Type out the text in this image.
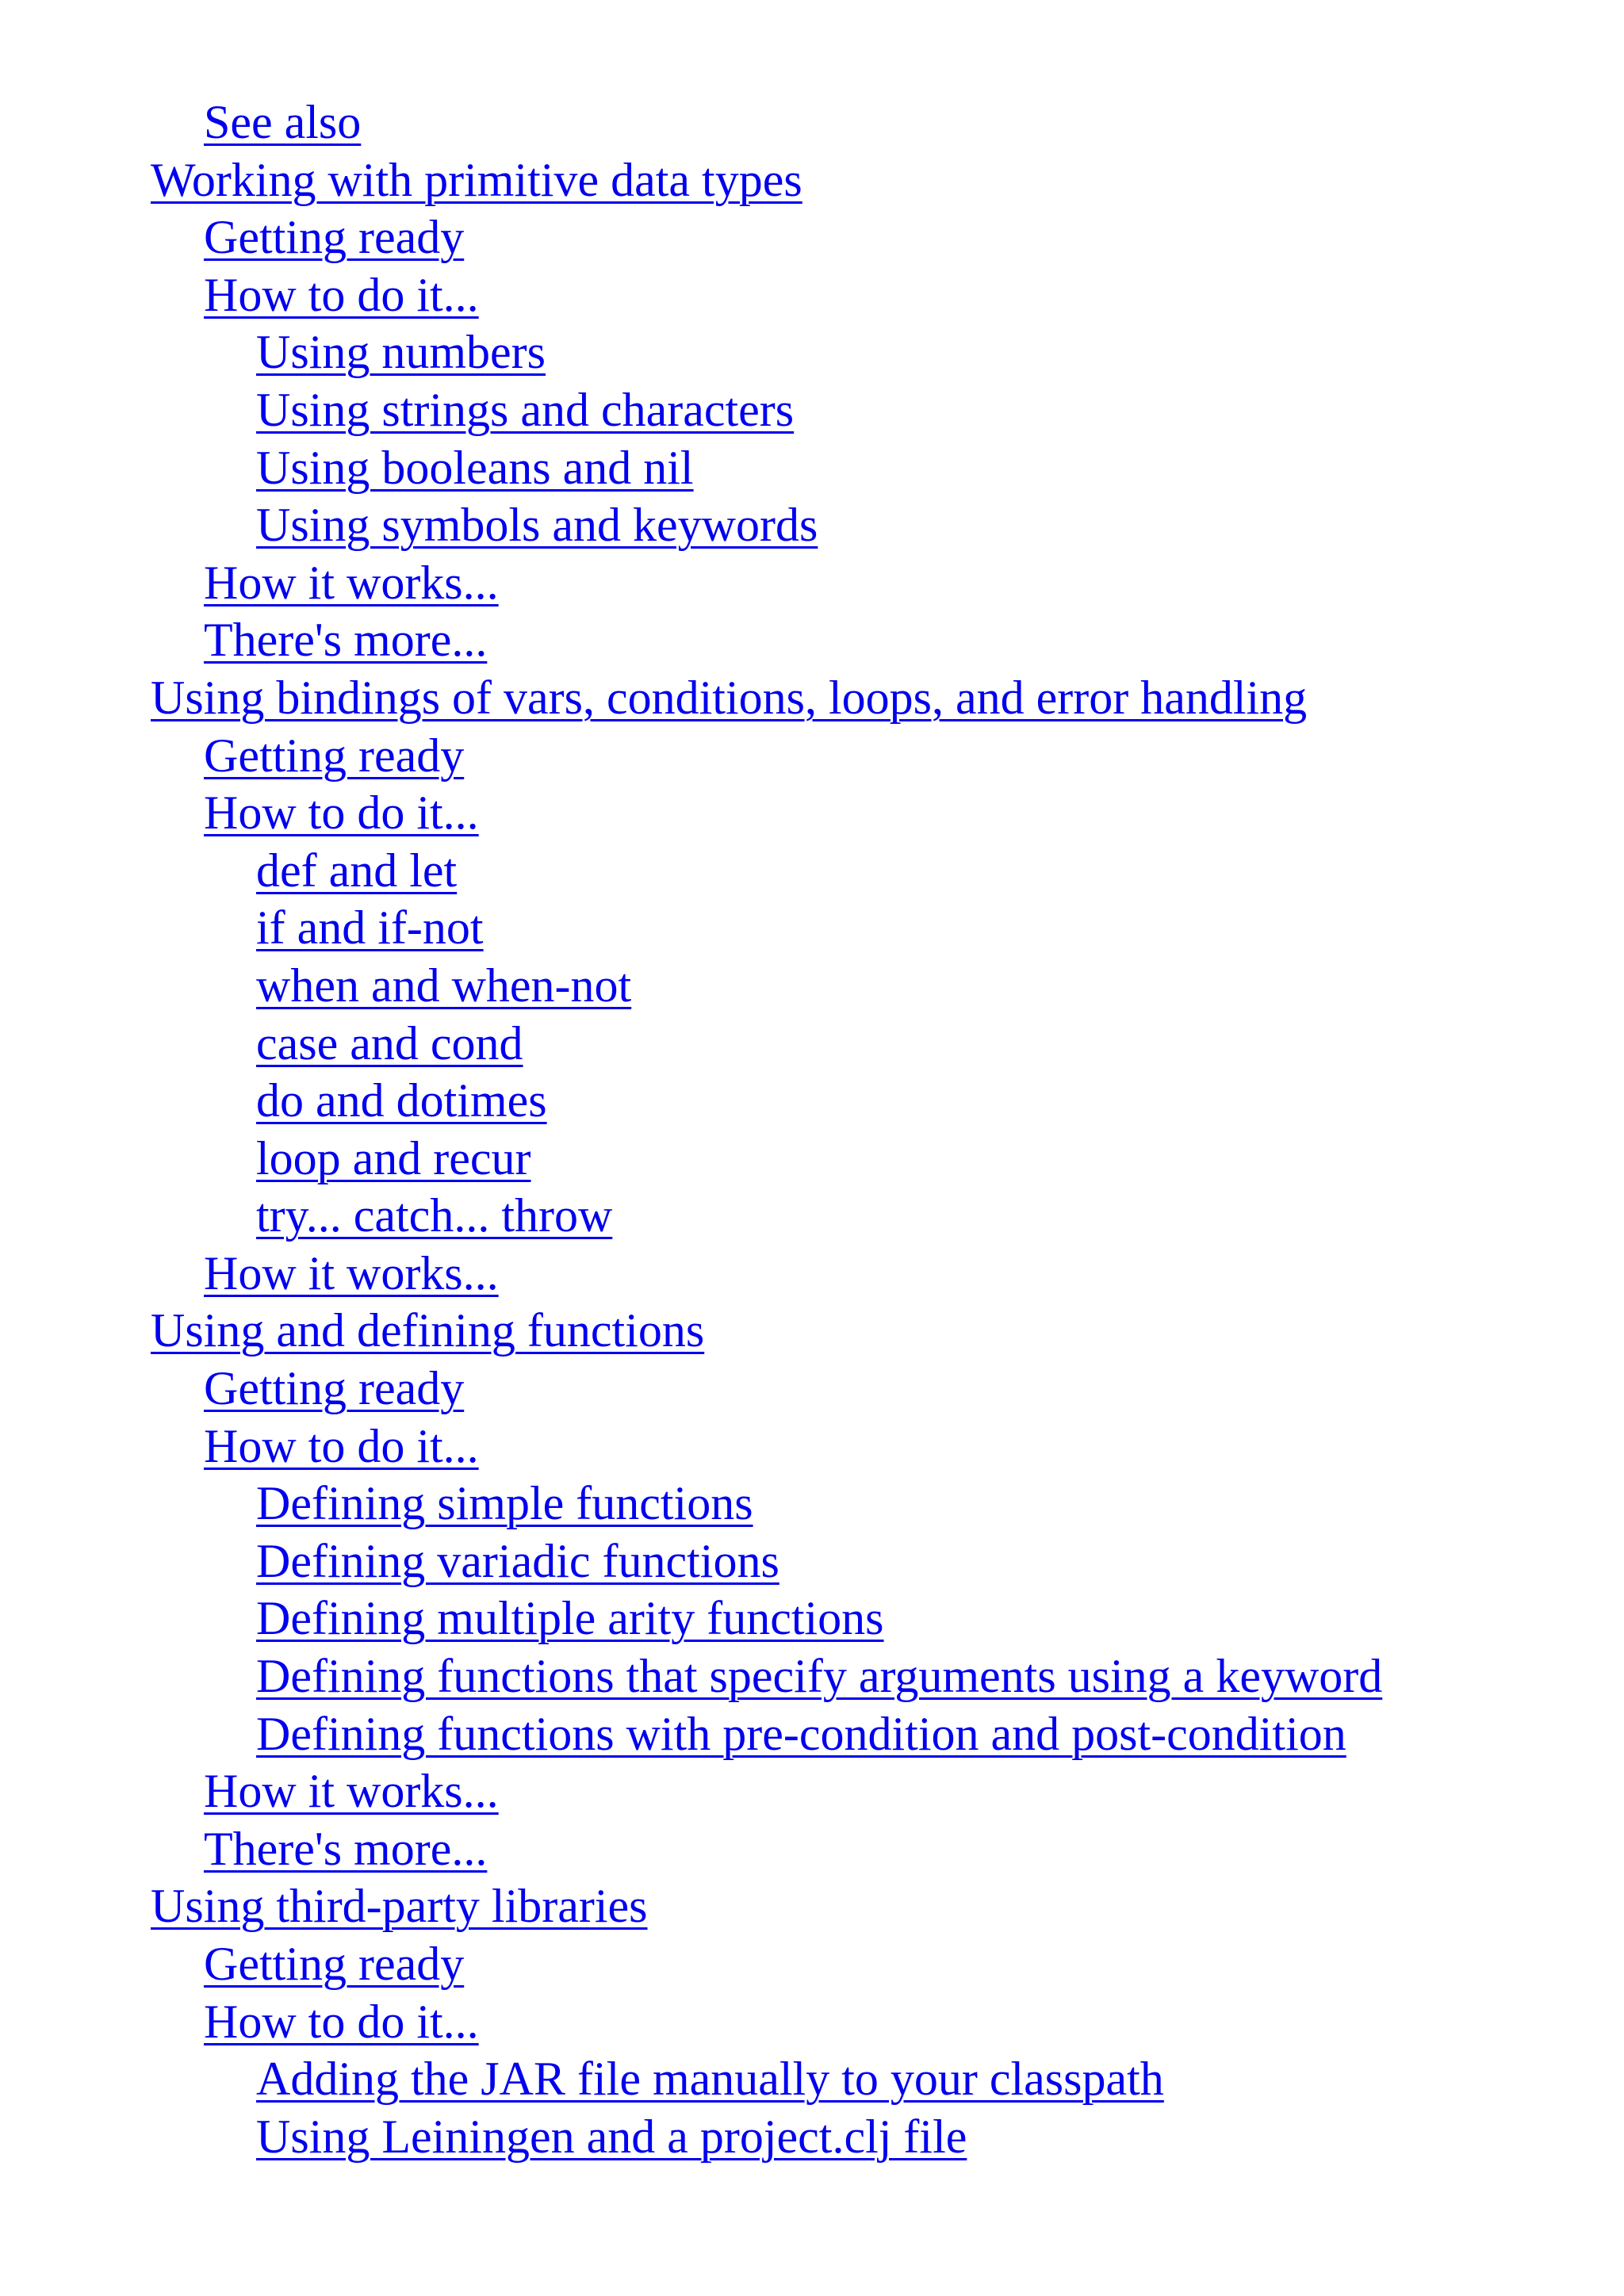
See also
Working with primitive data types
Getting ready
How to do it...
Using numbers
Using strings and characters
Using booleans and nil
Using symbols and keywords
How it works...
There's more...
Using bindings of vars, conditions, loops, and error handling
Getting ready
How to do it...
def and let
if and if-not
when and when-not
case and cond
do and dotimes
loop and recur
try... catch... throw
How it works...
Using and defining functions
Getting ready
How to do it...
Defining simple functions
Defining variadic functions
Defining multiple arity functions
Defining functions that specify arguments using a keyword
Defining functions with pre-condition and post-condition
How it works...
There's more...
Using third-party libraries
Getting ready
How to do it...
Adding the JAR file manually to your classpath
Using Leiningen and a project.clj file
